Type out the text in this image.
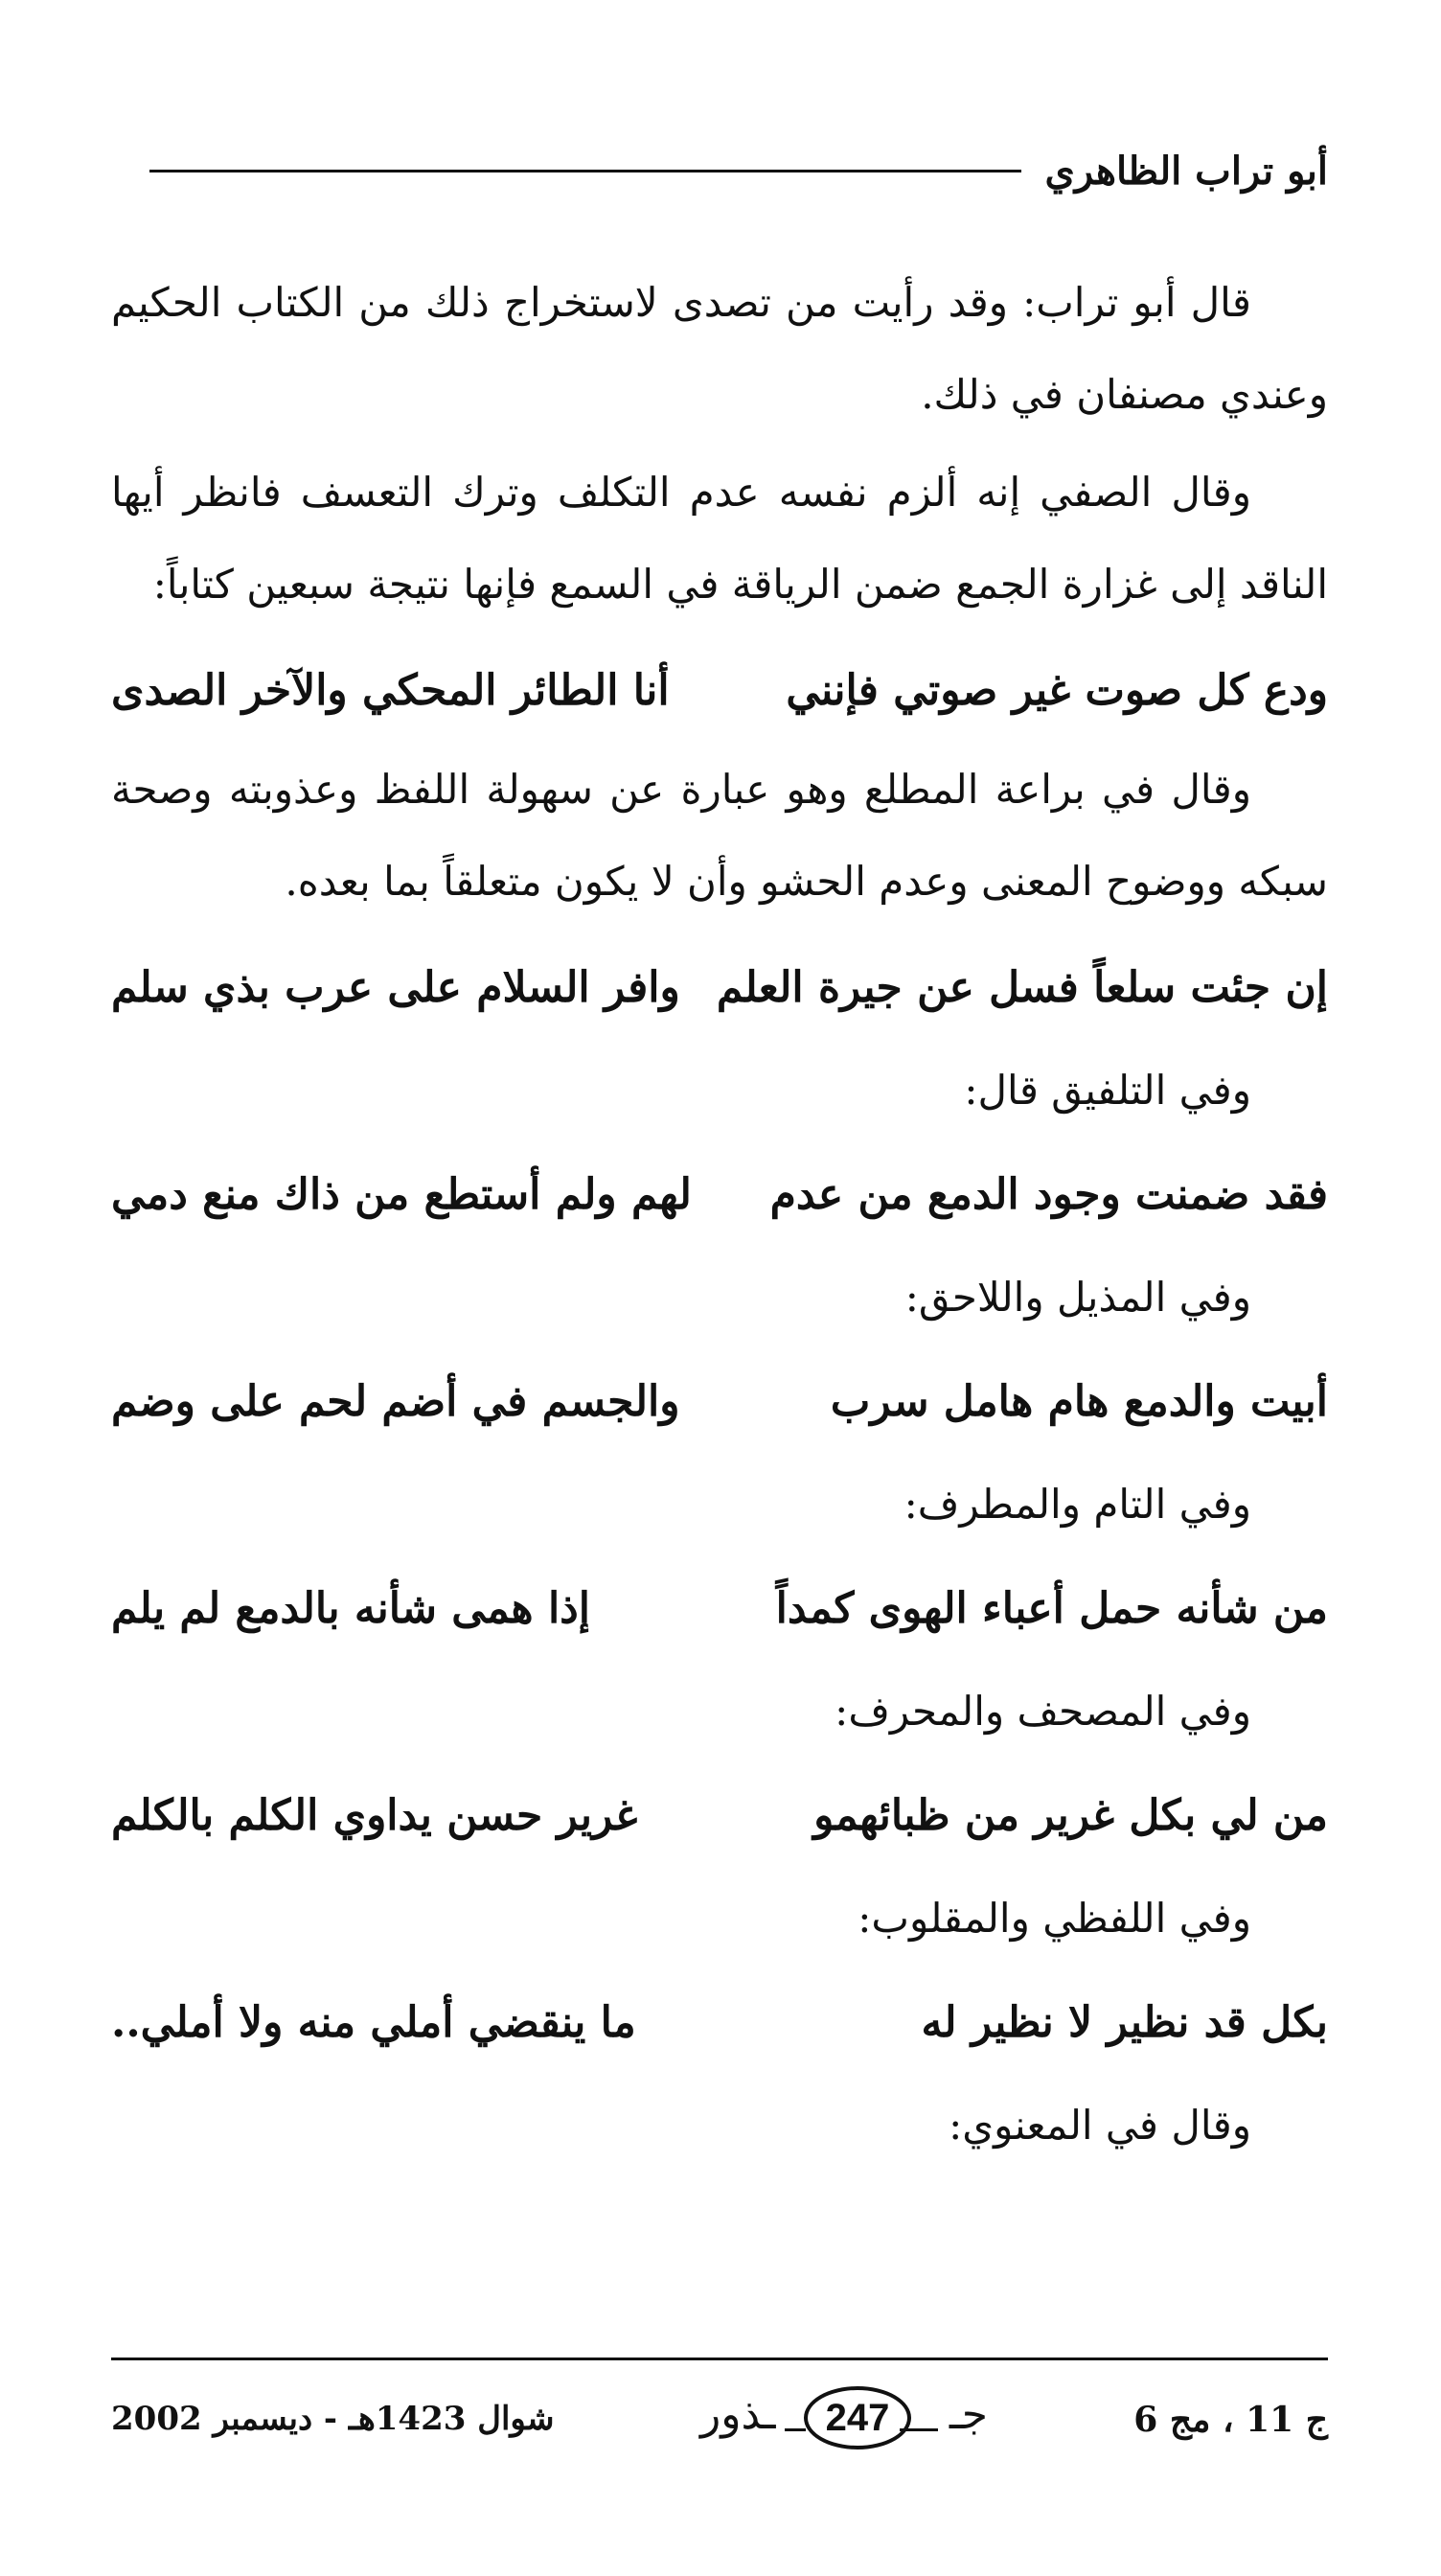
أبو تراب الظاهري

قال أبو تراب: وقد رأيت من تصدى لاستخراج ذلك من الكتاب الحكيم وعندي مصنفان في ذلك.

وقال الصفي إنه ألزم نفسه عدم التكلف وترك التعسف فانظر أيها الناقد إلى غزارة الجمع ضمن الرياقة في السمع فإنها نتيجة سبعين كتاباً:

ودع كل صوت غير صوتي فإنني
أنا الطائر المحكي والآخر الصدى

وقال في براعة المطلع وهو عبارة عن سهولة اللفظ وعذوبته وصحة سبكه ووضوح المعنى وعدم الحشو وأن لا يكون متعلقاً بما بعده.

إن جئت سلعاً فسل عن جيرة العلم
وافر السلام على عرب بذي سلم

وفي التلفيق قال:

فقد ضمنت وجود الدمع من عدم
لهم ولم أستطع من ذاك منع دمي

وفي المذيل واللاحق:

أبيت والدمع هام هامل سرب
والجسم في أضم لحم على وضم

وفي التام والمطرف:

من شأنه حمل أعباء الهوى كمداً
إذا همى شأنه بالدمع لم يلم

وفي المصحف والمحرف:

من لي بكل غرير من ظبائهمو
غرير حسن يداوي الكلم بالكلم

وفي اللفظي والمقلوب:

بكل قد نظير لا نظير له
ما ينقضي أملي منه ولا أملي..

وقال في المعنوي:

ج 11 ، مج 6
جـ
247
ـذور
شوال 1423هـ - ديسمبر 2002
